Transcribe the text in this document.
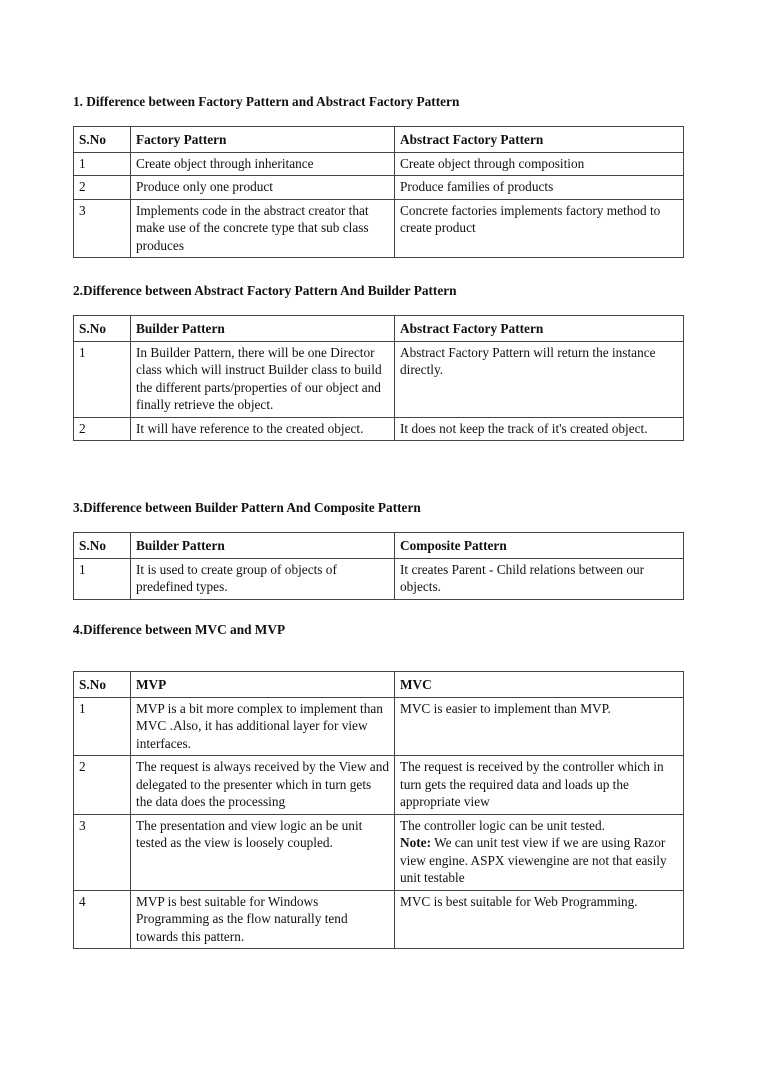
1. Difference between Factory Pattern and Abstract Factory Pattern
S.No	Factory Pattern	Abstract Factory Pattern
1	Create object through inheritance	Create object through composition
2	Produce only one product	Produce families of products
3	Implements code in the abstract creator that make use of the concrete type that sub class produces	Concrete factories implements factory method to create product
2.Difference between Abstract Factory Pattern And Builder Pattern
S.No	Builder Pattern	Abstract Factory Pattern
1	In Builder Pattern, there will be one Director class which will instruct Builder class to build the different parts/properties of our object and finally retrieve the object.	Abstract Factory Pattern will return the instance directly.
2	It will have reference to the created object.	It does not keep the track of it's created object.
3.Difference between Builder Pattern And Composite Pattern
S.No	Builder Pattern	Composite Pattern
1	It is used to create group of objects of predefined types.	It creates Parent - Child relations between our objects.
4.Difference between MVC and MVP
S.No	MVP	MVC
1	MVP is a bit more complex to implement than MVC .Also, it has additional layer for view interfaces.	MVC is easier to implement than MVP.
2	The request is always received by the View and delegated to the presenter which in turn gets the data does the processing	The request is received by the controller which in turn gets the required data and loads up the appropriate view
3	The presentation and view logic an be unit tested as the view is loosely coupled.	The controller logic can be unit tested.
Note: We can unit test view if we are using Razor view engine. ASPX viewengine are not that easily unit testable
4	MVP is best suitable for Windows Programming as the flow naturally tend towards this pattern.	MVC is best suitable for Web Programming.
